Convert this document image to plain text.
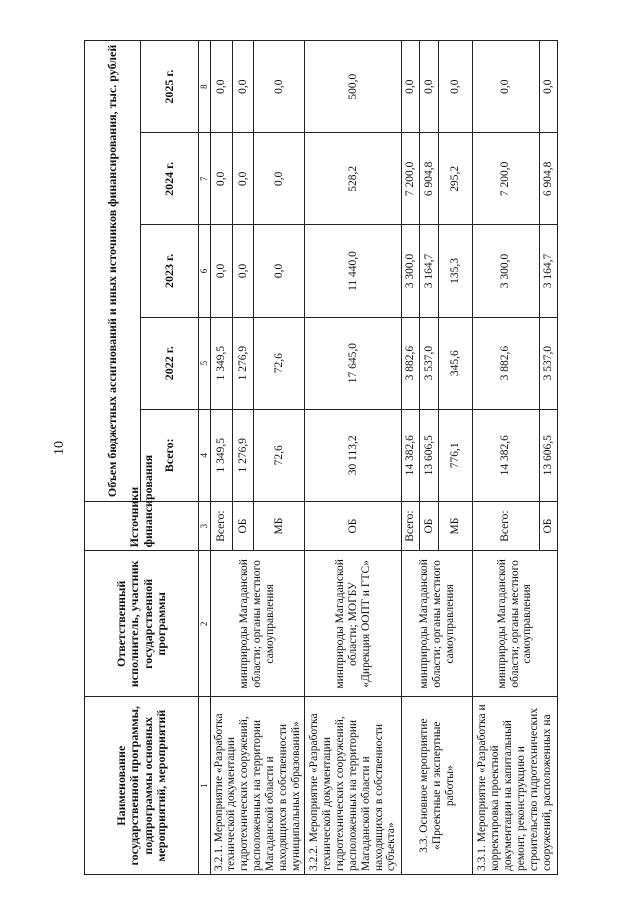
10
Наименование государственной программы, подпрограммы основных мероприятий, мероприятий	Ответственный исполнитель, участник государственной программы	Источники финансирования	Объем бюджетных ассигнований и иных источников финансирования, тыс. рублей				
			Всего:	2022 г.	2023 г.	2024 г.	2025 г.
1	2	3	4	5	6	7	8
3.2.1. Мероприятие «Разработка технической документации гидротехнических сооружений, расположенных на территории Магаданской области и находящихся в собственности муниципальных образований»	минприроды Магаданской области; органы местного самоуправления	Всего:	1 349,5	1 349,5	0,0	0,0	0,0
		ОБ	1 276,9	1 276,9	0,0	0,0	0,0
		МБ	72,6	72,6	0,0	0,0	0,0
3.2.2. Мероприятие «Разработка технической документации гидротехнических сооружений, расположенных на территории Магаданской области и находящихся в собственности субъекта»	минприроды Магаданской области; МОГБУ «Дирекция ООПТ и ГТС»	ОБ	30 113,2	17 645,0	11 440,0	528,2	500,0
3.3. Основное мероприятие «Проектные и экспертные работы»	минприроды Магаданской области; органы местного самоуправления	Всего:	14 382,6	3 882,6	3 300,0	7 200,0	0,0
		ОБ	13 606,5	3 537,0	3 164,7	6 904,8	0,0
		МБ	776,1	345,6	135,3	295,2	0,0
3.3.1. Мероприятие «Разработка и корректировка проектной документации на капитальный ремонт, реконструкцию и строительство гидротехнических сооружений, расположенных на	минприроды Магаданской области; органы местного самоуправления	Всего:	14 382,6	3 882,6	3 300,0	7 200,0	0,0
		ОБ	13 606,5	3 537,0	3 164,7	6 904,8	0,0
